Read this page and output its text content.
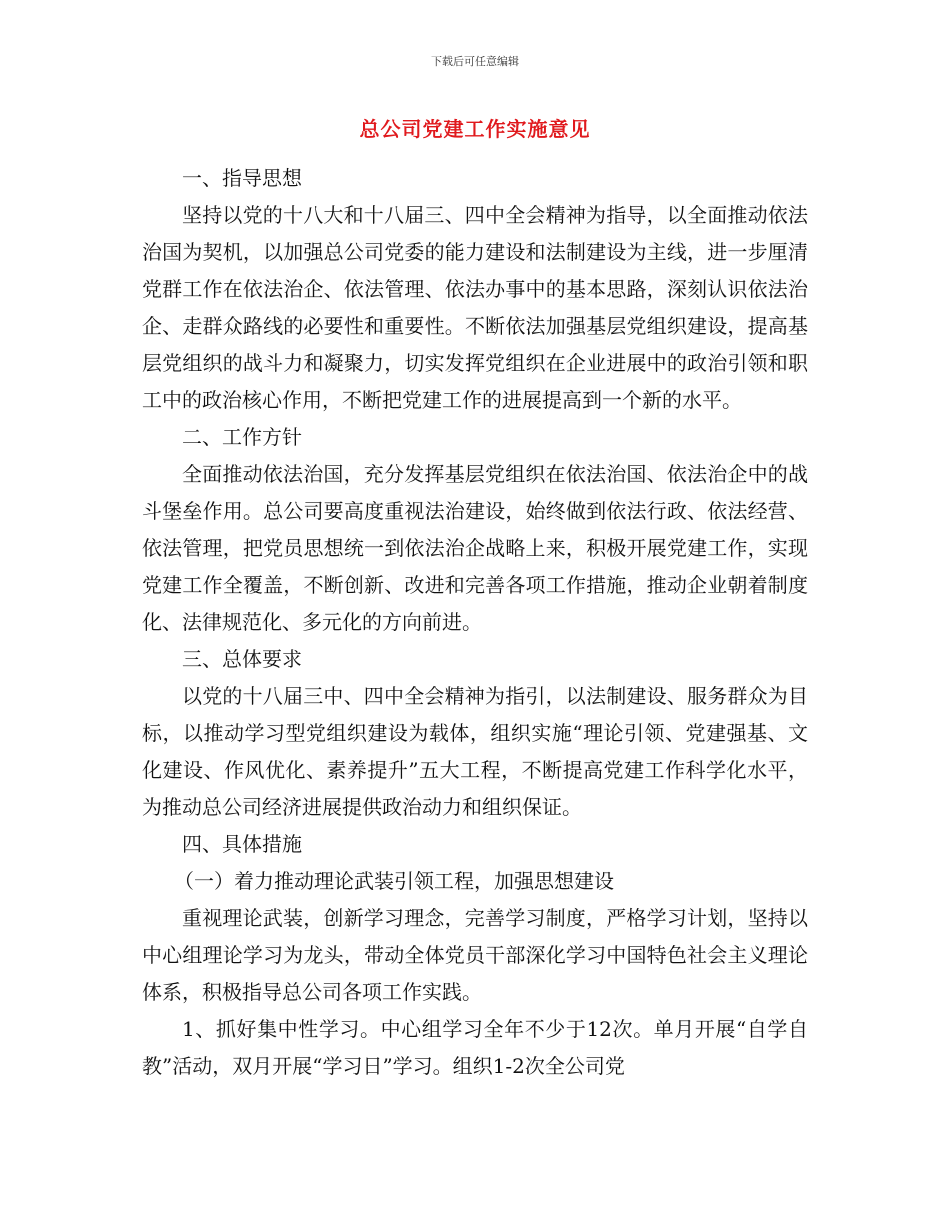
下载后可任意编辑
总公司党建工作实施意见

一、指导思想

坚持以党的十八大和十八届三、四中全会精神为指导，以全面推动依法治国为契机，以加强总公司党委的能力建设和法制建设为主线，进一步厘清党群工作在依法治企、依法管理、依法办事中的基本思路，深刻认识依法治企、走群众路线的必要性和重要性。不断依法加强基层党组织建设，提高基层党组织的战斗力和凝聚力，切实发挥党组织在企业进展中的政治引领和职工中的政治核心作用，不断把党建工作的进展提高到一个新的水平。

二、工作方针

全面推动依法治国，充分发挥基层党组织在依法治国、依法治企中的战斗堡垒作用。总公司要高度重视法治建设，始终做到依法行政、依法经营、依法管理，把党员思想统一到依法治企战略上来，积极开展党建工作，实现党建工作全覆盖，不断创新、改进和完善各项工作措施，推动企业朝着制度化、法律规范化、多元化的方向前进。

三、总体要求

以党的十八届三中、四中全会精神为指引，以法制建设、服务群众为目标，以推动学习型党组织建设为载体，组织实施“理论引领、党建强基、文化建设、作风优化、素养提升”五大工程，不断提高党建工作科学化水平，为推动总公司经济进展提供政治动力和组织保证。

四、具体措施

（一）着力推动理论武装引领工程，加强思想建设

重视理论武装，创新学习理念，完善学习制度，严格学习计划，坚持以中心组理论学习为龙头，带动全体党员干部深化学习中国特色社会主义理论体系，积极指导总公司各项工作实践。

1、抓好集中性学习。中心组学习全年不少于12次。单月开展“自学自教”活动，双月开展“学习日”学习。组织1-2次全公司党
